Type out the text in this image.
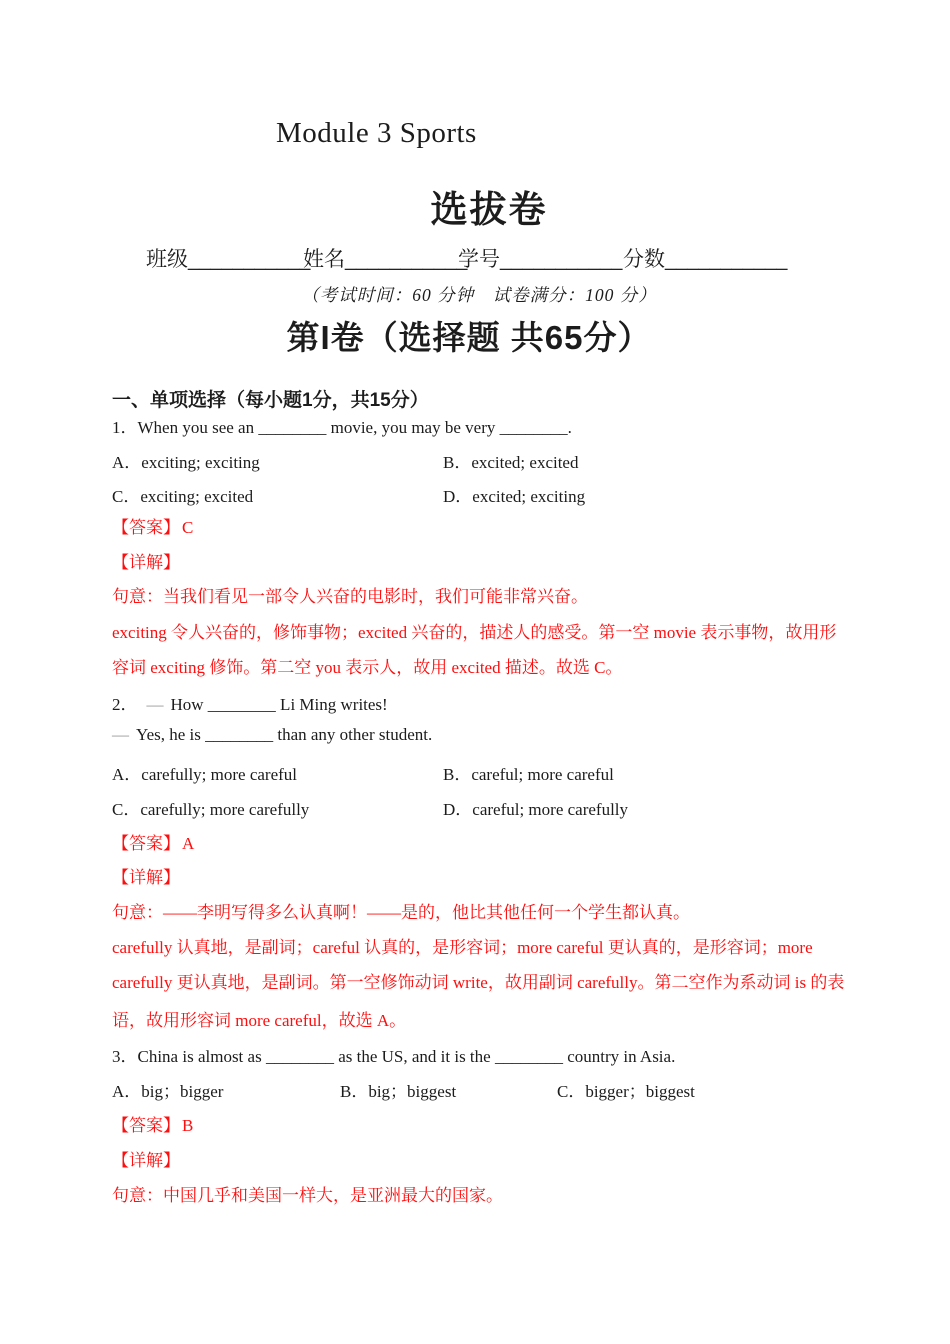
Module 3 Sports
选拔卷
班级___________
姓名___________
学号___________ 分数___________
（考试时间：60 分钟　试卷满分：100 分）
第I卷（选择题 共65分）
一、单项选择（每小题1分，共15分）
1．When you see an ________ movie, you may be very ________.
A．exciting; exciting	B．excited; excited
C．exciting; excited	D．excited; exciting
【答案】 C
【详解】
句意：当我们看见一部令人兴奋的电影时，我们可能非常兴奋。
exciting 令人兴奋的，修饰事物；excited 兴奋的，描述人的感受。第一空 movie 表示事物，故用形
容词 exciting 修饰。第二空 you 表示人，故用 excited 描述。故选 C。
2． — How ________ Li Ming writes!
— Yes, he is ________ than any other student.
A．carefully; more careful	B．careful; more careful
C．carefully; more carefully	D．careful; more carefully
【答案】 A
【详解】
句意：——李明写得多么认真啊！——是的，他比其他任何一个学生都认真。
carefully 认真地，是副词；careful 认真的，是形容词；more careful 更认真的，是形容词；more
carefully 更认真地，是副词。第一空修饰动词 write，故用副词 carefully。第二空作为系动词 is 的表
语，故用形容词 more careful，故选 A。
3．China is almost as ________ as the US, and it is the ________ country in Asia.
A．big；bigger	B．big；biggest	C．bigger；biggest
【答案】 B
【详解】
句意：中国几乎和美国一样大，是亚洲最大的国家。
